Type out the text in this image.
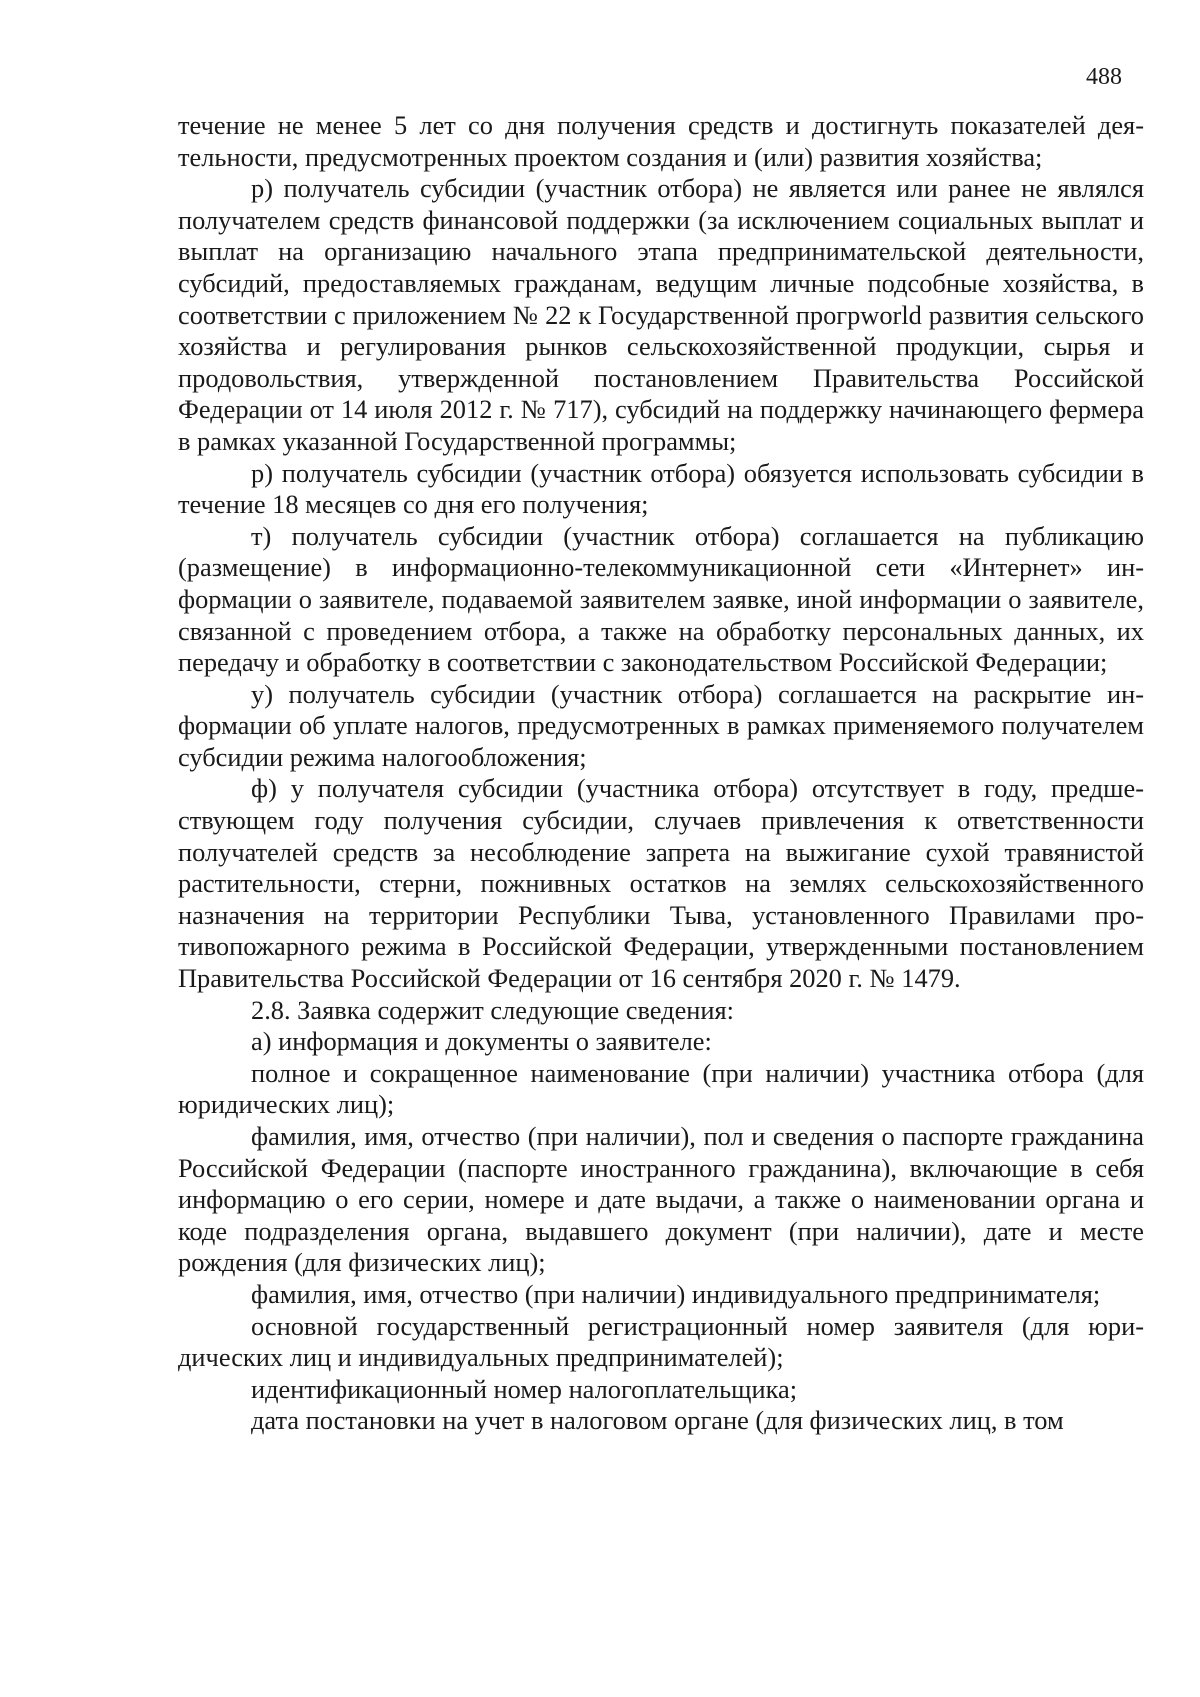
488

течение не менее 5 лет со дня получения средств и достигнуть показателей деятельности, предусмотренных проектом создания и (или) развития хозяйства;

р) получатель субсидии (участник отбора) не является или ранее не являлся получателем средств финансовой поддержки (за исключением социальных выплат и выплат на организацию начального этапа предпринимательской деятельности, субсидий, предоставляемых гражданам, ведущим личные подсобные хозяйства, в соответствии с приложением № 22 к Государственной прогрworld развития сельского хозяйства и регулирования рынков сельскохозяйственной продукции, сырья и продовольствия, утвержденной постановлением Правительства Российской Федерации от 14 июля 2012 г. № 717), субсидий на поддержку начинающего фермера в рамках указанной Государственной программы;

р) получатель субсидии (участник отбора) обязуется использовать субсидии в течение 18 месяцев со дня его получения;

т) получатель субсидии (участник отбора) соглашается на публикацию (размещение) в информационно-телекоммуникационной сети «Интернет» информации о заявителе, подаваемой заявителем заявке, иной информации о заявителе, связанной с проведением отбора, а также на обработку персональных данных, их передачу и обработку в соответствии с законодательством Российской Федерации;

у) получатель субсидии (участник отбора) соглашается на раскрытие информации об уплате налогов, предусмотренных в рамках применяемого получателем субсидии режима налогообложения;

ф) у получателя субсидии (участника отбора) отсутствует в году, предшествующем году получения субсидии, случаев привлечения к ответственности получателей средств за несоблюдение запрета на выжигание сухой травянистой растительности, стерни, пожнивных остатков на землях сельскохозяйственного назначения на территории Республики Тыва, установленного Правилами противопожарного режима в Российской Федерации, утвержденными постановлением Правительства Российской Федерации от 16 сентября 2020 г. № 1479.

2.8. Заявка содержит следующие сведения:

а) информация и документы о заявителе:

полное и сокращенное наименование (при наличии) участника отбора (для юридических лиц);

фамилия, имя, отчество (при наличии), пол и сведения о паспорте гражданина Российской Федерации (паспорте иностранного гражданина), включающие в себя информацию о его серии, номере и дате выдачи, а также о наименовании органа и коде подразделения органа, выдавшего документ (при наличии), дате и месте рождения (для физических лиц);

фамилия, имя, отчество (при наличии) индивидуального предпринимателя;

основной государственный регистрационный номер заявителя (для юридических лиц и индивидуальных предпринимателей);

идентификационный номер налогоплательщика;

дата постановки на учет в налоговом органе (для физических лиц, в том
